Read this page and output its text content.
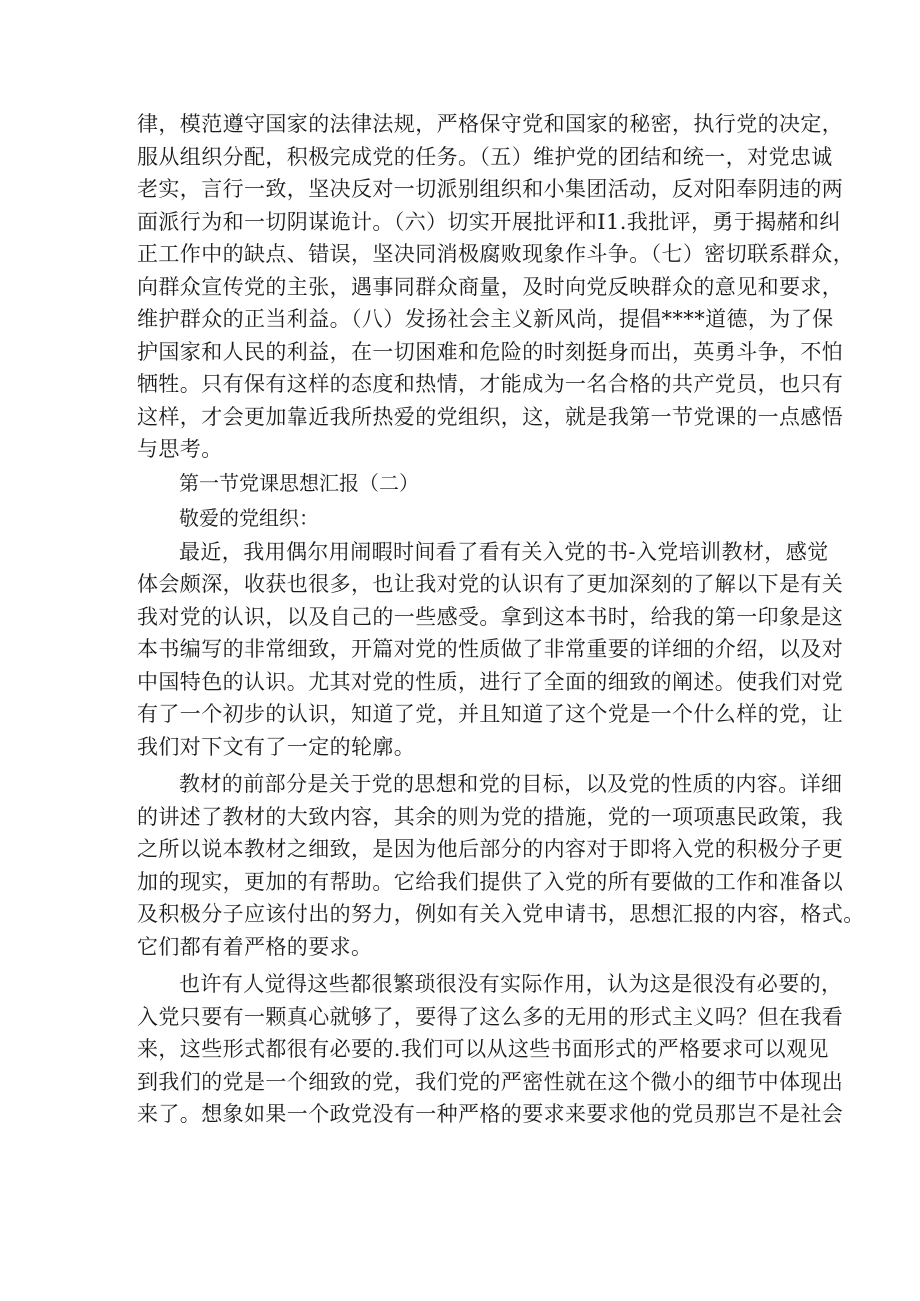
律，模范遵守国家的法律法规，严格保守党和国家的秘密，执行党的决定，
服从组织分配，积极完成党的任务。（五）维护党的团结和统一，对党忠诚
老实，言行一致，坚决反对一切派别组织和小集团活动，反对阳奉阴违的两
面派行为和一切阴谋诡计。（六）切实开展批评和I1.我批评，勇于揭赭和纠
正工作中的缺点、错误，坚决同消极腐败现象作斗争。（七）密切联系群众，
向群众宣传党的主张，遇事同群众商量，及时向党反映群众的意见和要求，
维护群众的正当利益。（八）发扬社会主义新风尚，提倡****道德，为了保
护国家和人民的利益，在一切困难和危险的时刻挺身而出，英勇斗争，不怕
牺牲。只有保有这样的态度和热情，才能成为一名合格的共产党员，也只有
这样，才会更加靠近我所热爱的党组织，这，就是我第一节党课的一点感悟
与思考。
第一节党课思想汇报（二）
敬爱的党组织：
最近，我用偶尔用闹暇时间看了看有关入党的书-入党培训教材，感觉
体会颇深，收获也很多，也让我对党的认识有了更加深刻的了解以下是有关
我对党的认识，以及自己的一些感受。拿到这本书时，给我的第一印象是这
本书编写的非常细致，开篇对党的性质做了非常重要的详细的介绍，以及对
中国特色的认识。尤其对党的性质，进行了全面的细致的阐述。使我们对党
有了一个初步的认识，知道了党，并且知道了这个党是一个什么样的党，让
我们对下文有了一定的轮廓。
教材的前部分是关于党的思想和党的目标，以及党的性质的内容。详细
的讲述了教材的大致内容，其余的则为党的措施，党的一项项惠民政策，我
之所以说本教材之细致，是因为他后部分的内容对于即将入党的积极分子更
加的现实，更加的有帮助。它给我们提供了入党的所有要做的工作和准备以
及积极分子应该付出的努力，例如有关入党申请书，思想汇报的内容，格式。
它们都有着严格的要求。
也许有人觉得这些都很繁琐很没有实际作用，认为这是很没有必要的，
入党只要有一颗真心就够了，要得了这么多的无用的形式主义吗？但在我看
来，这些形式都很有必要的.我们可以从这些书面形式的严格要求可以观见
到我们的党是一个细致的党，我们党的严密性就在这个微小的细节中体现出
来了。想象如果一个政党没有一种严格的要求来要求他的党员那岂不是社会
